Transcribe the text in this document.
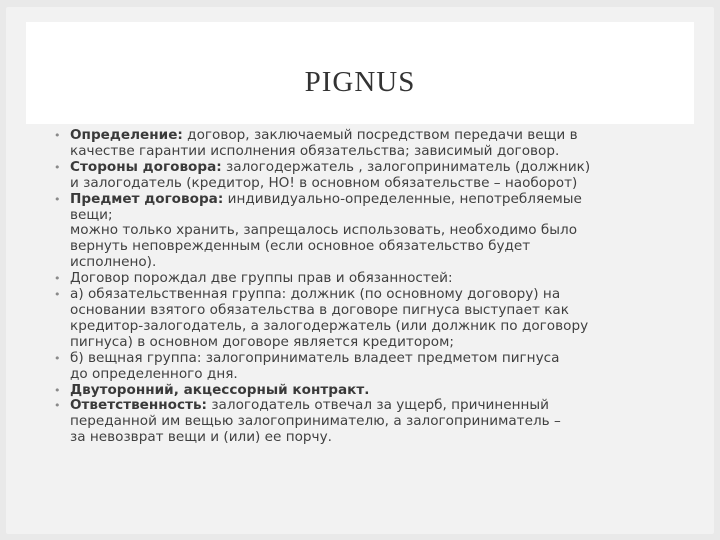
PIGNUS
• Определение: договор, заключаемый посредством передачи вещи в
качестве гарантии исполнения обязательства; зависимый договор.
• Стороны договора: залогодержатель , залогоприниматель (должник)
и залогодатель (кредитор, НО! в основном обязательстве – наоборот)
• Предмет договора: индивидуально-определенные, непотребляемые
вещи;
можно только хранить, запрещалось использовать, необходимо было
вернуть неповрежденным (если основное обязательство будет
исполнено).
• Договор порождал две группы прав и обязанностей:
• а) обязательственная группа: должник (по основному договору) на
основании взятого обязательства в договоре пигнуса выступает как
кредитор-залогодатель, а залогодержатель (или должник по договору
пигнуса) в основном договоре является кредитором;
• б) вещная группа: залогоприниматель владеет предметом пигнуса
до определенного дня.
• Двуторонний, акцессорный контракт.
• Ответственность: залогодатель отвечал за ущерб, причиненный
переданной им вещью залогопринимателю, а залогоприниматель –
за невозврат вещи и (или) ее порчу.
